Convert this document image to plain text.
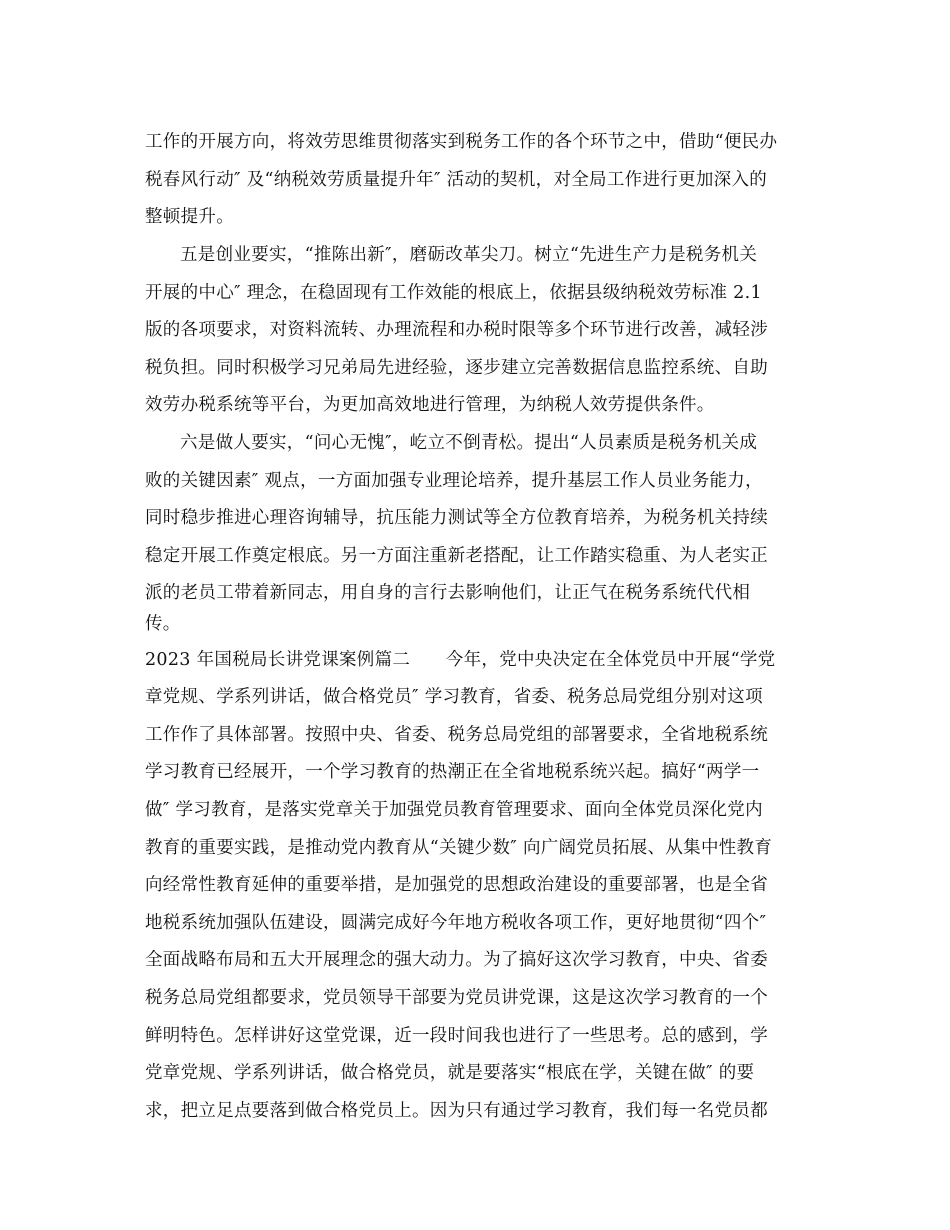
工作的开展方向，将效劳思维贯彻落实到税务工作的各个环节之中，借助“便民办
税春风行动″ 及“纳税效劳质量提升年″ 活动的契机，对全局工作进行更加深入的
整顿提升。
五是创业要实，“推陈出新″，磨砺改革尖刀。树立“先进生产力是税务机关
开展的中心″ 理念，在稳固现有工作效能的根底上，依据县级纳税效劳标准 2.1
版的各项要求，对资料流转、办理流程和办税时限等多个环节进行改善，减轻涉
税负担。同时积极学习兄弟局先进经验，逐步建立完善数据信息监控系统、自助
效劳办税系统等平台，为更加高效地进行管理，为纳税人效劳提供条件。
六是做人要实，“问心无愧″，屹立不倒青松。提出“人员素质是税务机关成
败的关键因素″ 观点，一方面加强专业理论培养，提升基层工作人员业务能力，
同时稳步推进心理咨询辅导，抗压能力测试等全方位教育培养，为税务机关持续
稳定开展工作奠定根底。另一方面注重新老搭配，让工作踏实稳重、为人老实正
派的老员工带着新同志，用自身的言行去影响他们，让正气在税务系统代代相
传。
2023 年国税局长讲党课案例篇二　　今年，党中央决定在全体党员中开展“学党
章党规、学系列讲话，做合格党员″ 学习教育，省委、税务总局党组分别对这项
工作作了具体部署。按照中央、省委、税务总局党组的部署要求，全省地税系统
学习教育已经展开，一个学习教育的热潮正在全省地税系统兴起。搞好“两学一
做″ 学习教育，是落实党章关于加强党员教育管理要求、面向全体党员深化党内
教育的重要实践，是推动党内教育从“关键少数″ 向广阔党员拓展、从集中性教育
向经常性教育延伸的重要举措，是加强党的思想政治建设的重要部署，也是全省
地税系统加强队伍建设，圆满完成好今年地方税收各项工作，更好地贯彻“四个″
全面战略布局和五大开展理念的强大动力。为了搞好这次学习教育，中央、省委
税务总局党组都要求，党员领导干部要为党员讲党课，这是这次学习教育的一个
鲜明特色。怎样讲好这堂党课，近一段时间我也进行了一些思考。总的感到，学
党章党规、学系列讲话，做合格党员，就是要落实“根底在学，关键在做″ 的要
求，把立足点要落到做合格党员上。因为只有通过学习教育，我们每一名党员都
